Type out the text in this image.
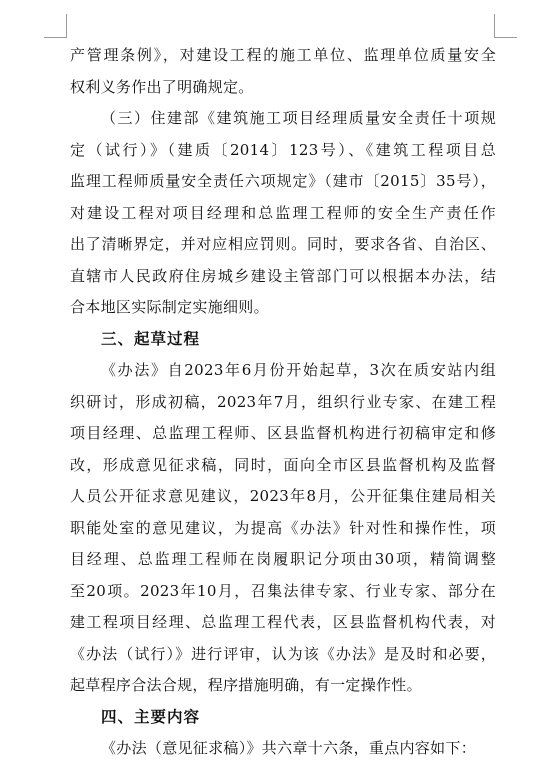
产管理条例》，对建设工程的施工单位、监理单位质量安全
权利义务作出了明确规定。
（三）住建部《建筑施工项目经理质量安全责任十项规
定（试行）》（建质〔2014〕123号）、《建筑工程项目总
监理工程师质量安全责任六项规定》（建市〔2015〕35号），
对建设工程对项目经理和总监理工程师的安全生产责任作
出了清晰界定，并对应相应罚则。同时，要求各省、自治区、
直辖市人民政府住房城乡建设主管部门可以根据本办法，结
合本地区实际制定实施细则。
三、起草过程
《办法》自2023年6月份开始起草，3次在质安站内组
织研讨，形成初稿，2023年7月，组织行业专家、在建工程
项目经理、总监理工程师、区县监督机构进行初稿审定和修
改，形成意见征求稿，同时，面向全市区县监督机构及监督
人员公开征求意见建议，2023年8月，公开征集住建局相关
职能处室的意见建议，为提高《办法》针对性和操作性，项
目经理、总监理工程师在岗履职记分项由30项，精简调整
至20项。2023年10月，召集法律专家、行业专家、部分在
建工程项目经理、总监理工程代表，区县监督机构代表，对
《办法（试行）》进行评审，认为该《办法》是及时和必要，
起草程序合法合规，程序措施明确，有一定操作性。
四、主要内容
《办法（意见征求稿）》共六章十六条，重点内容如下：
